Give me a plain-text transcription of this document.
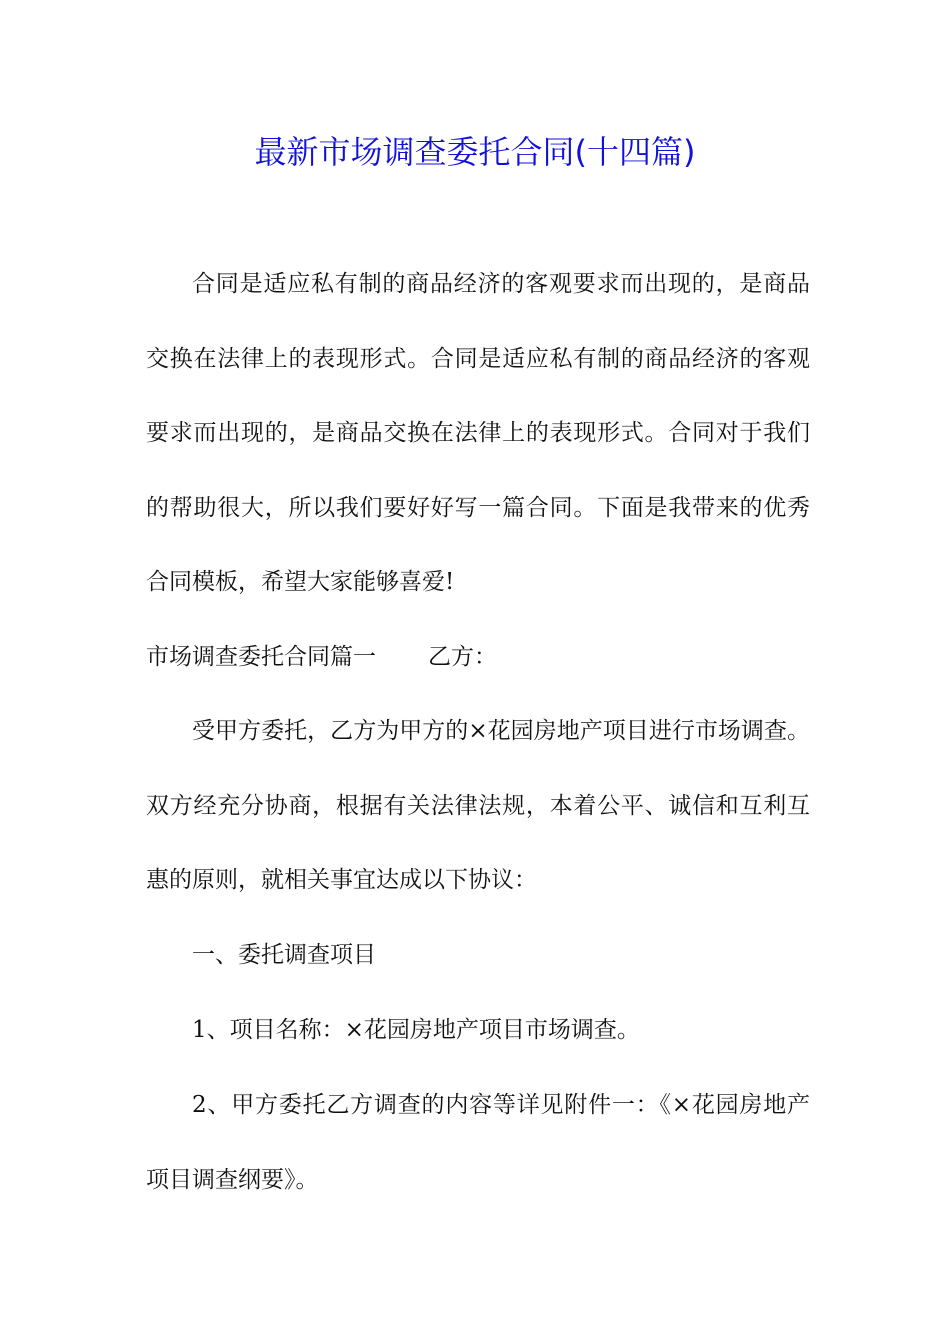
最新市场调查委托合同(十四篇)

合同是适应私有制的商品经济的客观要求而出现的，是商品交换在法律上的表现形式。合同是适应私有制的商品经济的客观要求而出现的，是商品交换在法律上的表现形式。合同对于我们的帮助很大，所以我们要好好写一篇合同。下面是我带来的优秀合同模板，希望大家能够喜爱!

市场调查委托合同篇一 乙方：

受甲方委托，乙方为甲方的×花园房地产项目进行市场调查。双方经充分协商，根据有关法律法规，本着公平、诚信和互利互惠的原则，就相关事宜达成以下协议：

一、委托调查项目

1、项目名称：×花园房地产项目市场调查。

2、甲方委托乙方调查的内容等详见附件一：《×花园房地产项目调查纲要》。
